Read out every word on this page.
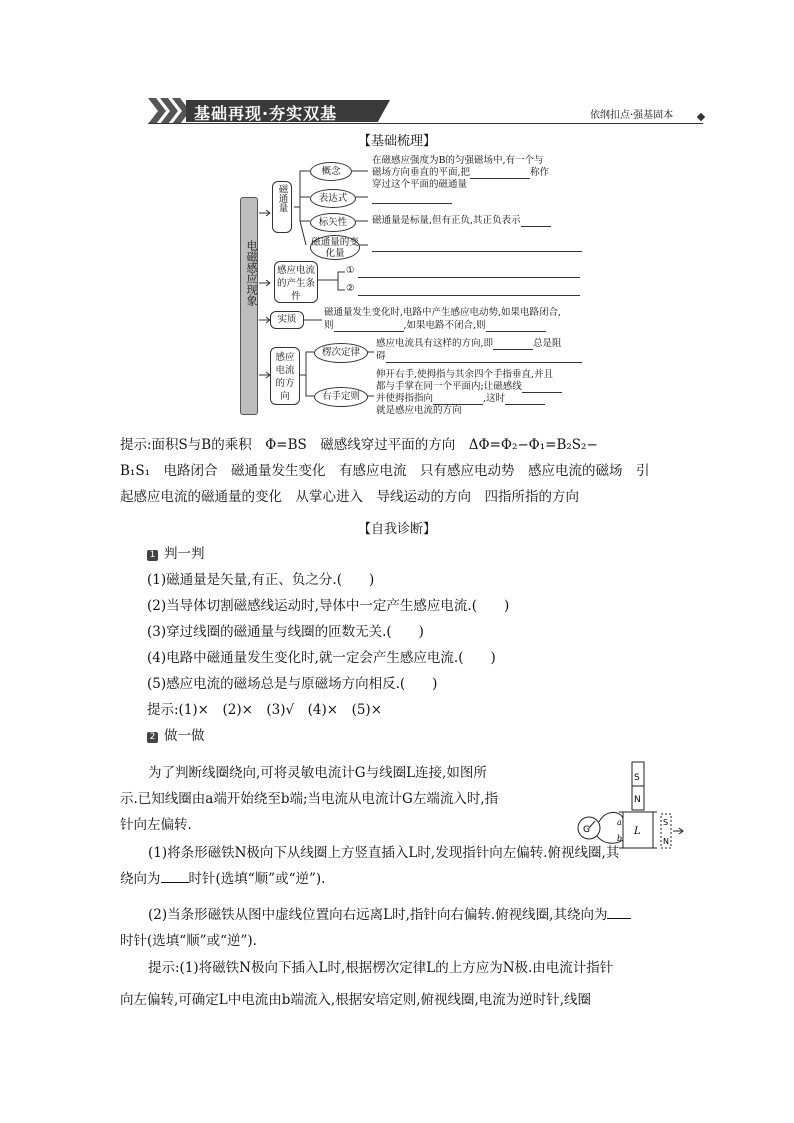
基础再现·夯实双基	依纲扣点·强基固本
【基础梳理】
电磁感应现象
磁通量
概念
在磁感应强度为B的匀强磁场中,有一个与
磁场方向垂直的平面,把	称作
穿过这个平面的磁通量
表达式
标矢性	磁通量是标量,但有正负,其正负表示
磁通量的变化量
感应电流的产生条件
①
②
实质
磁通量发生变化时,电路中产生感应电动势,如果电路闭合,
则	,如果电路不闭合,则
感应电流的方向
楞次定律
感应电流具有这样的方向,即	总是阻
碍
右手定则
伸开右手,使拇指与其余四个手指垂直,并且
都与手掌在同一个平面内;让磁感线
并使拇指指向	,这时
就是感应电流的方向
提示:面积S与B的乘积　Φ=BS　磁感线穿过平面的方向　ΔΦ=Φ₂−Φ₁=B₂S₂−
B₁S₁　电路闭合　磁通量发生变化　有感应电流　只有感应电动势　感应电流的磁场　引
起感应电流的磁通量的变化　从掌心进入　导线运动的方向　四指所指的方向
【自我诊断】
1 判一判
(1)磁通量是矢量,有正、负之分.(　　)
(2)当导体切割磁感线运动时,导体中一定产生感应电流.(　　)
(3)穿过线圈的磁通量与线圈的匝数无关.(　　)
(4)电路中磁通量发生变化时,就一定会产生感应电流.(　　)
(5)感应电流的磁场总是与原磁场方向相反.(　　)
提示:(1)×　(2)×　(3)√　(4)×　(5)×
2 做一做
为了判断线圈绕向,可将灵敏电流计G与线圈L连接,如图所
示.已知线圈由a端开始绕至b端;当电流从电流计G左端流入时,指
针向左偏转.
S
N
G
a
b
L
S
N
(1)将条形磁铁N极向下从线圈上方竖直插入L时,发现指针向左偏转.俯视线圈,其
绕向为 时针(选填“顺”或“逆”).
(2)当条形磁铁从图中虚线位置向右远离L时,指针向右偏转.俯视线圈,其绕向为
时针(选填“顺”或“逆”).
提示:(1)将磁铁N极向下插入L时,根据楞次定律L的上方应为N极.由电流计指针
向左偏转,可确定L中电流由b端流入,根据安培定则,俯视线圈,电流为逆时针,线圈
